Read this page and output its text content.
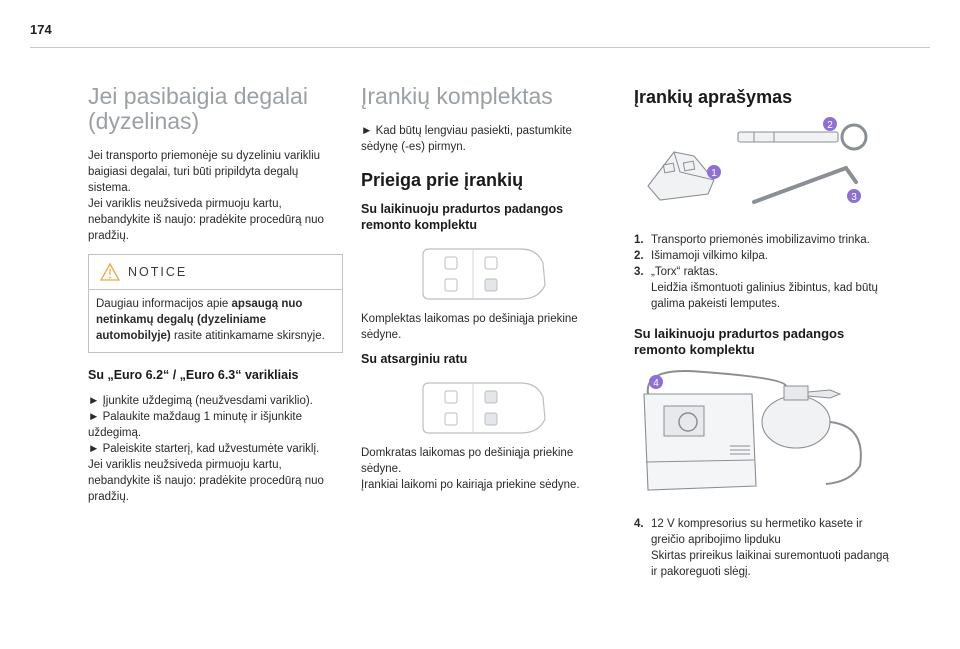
174
Jei pasibaigia degalai (dyzelinas)

Jei transporto priemonėje su dyzeliniu varikliu baigiasi degalai, turi būti pripildyta degalų sistema.

Jei variklis neužsiveda pirmuoju kartu, nebandykite iš naujo: pradėkite procedūrą nuo pradžių.

NOTICE

Daugiau informacijos apie apsaugą nuo netinkamų degalų (dyzeliniame automobilyje) rasite atitinkamame skirsnyje.

Su „Euro 6.2“ / „Euro 6.3“ varikliais

► Įjunkite uždegimą (neužvesdami variklio).

► Palaukite maždaug 1 minutę ir išjunkite uždegimą.

► Paleiskite starterį, kad užvestumėte variklį.

Jei variklis neužsiveda pirmuoju kartu, nebandykite iš naujo: pradėkite procedūrą nuo pradžių.

Įrankių komplektas

► Kad būtų lengviau pasiekti, pastumkite sėdynę (-es) pirmyn.

Prieiga prie įrankių
Su laikinuoju pradurtos padangos remonto komplektu

Komplektas laikomas po dešiniąja priekine sėdyne.

Su atsarginiu ratu

Domkratas laikomas po dešiniąja priekine sėdyne.

Įrankiai laikomi po kairiąja priekine sėdyne.

Įrankių aprašymas
1
2
3
1. Transporto priemonės imobilizavimo trinka.
2. Išimamoji vilkimo kilpa.
3. „Torx“ raktas.
Leidžia išmontuoti galinius žibintus, kad būtų galima pakeisti lemputes.
Su laikinuoju pradurtos padangos remonto komplektu
4
4. 12 V kompresorius su hermetiko kasete ir greičio apribojimo lipduku
Skirtas prireikus laikinai suremontuoti padangą ir pakoreguoti slėgį.
